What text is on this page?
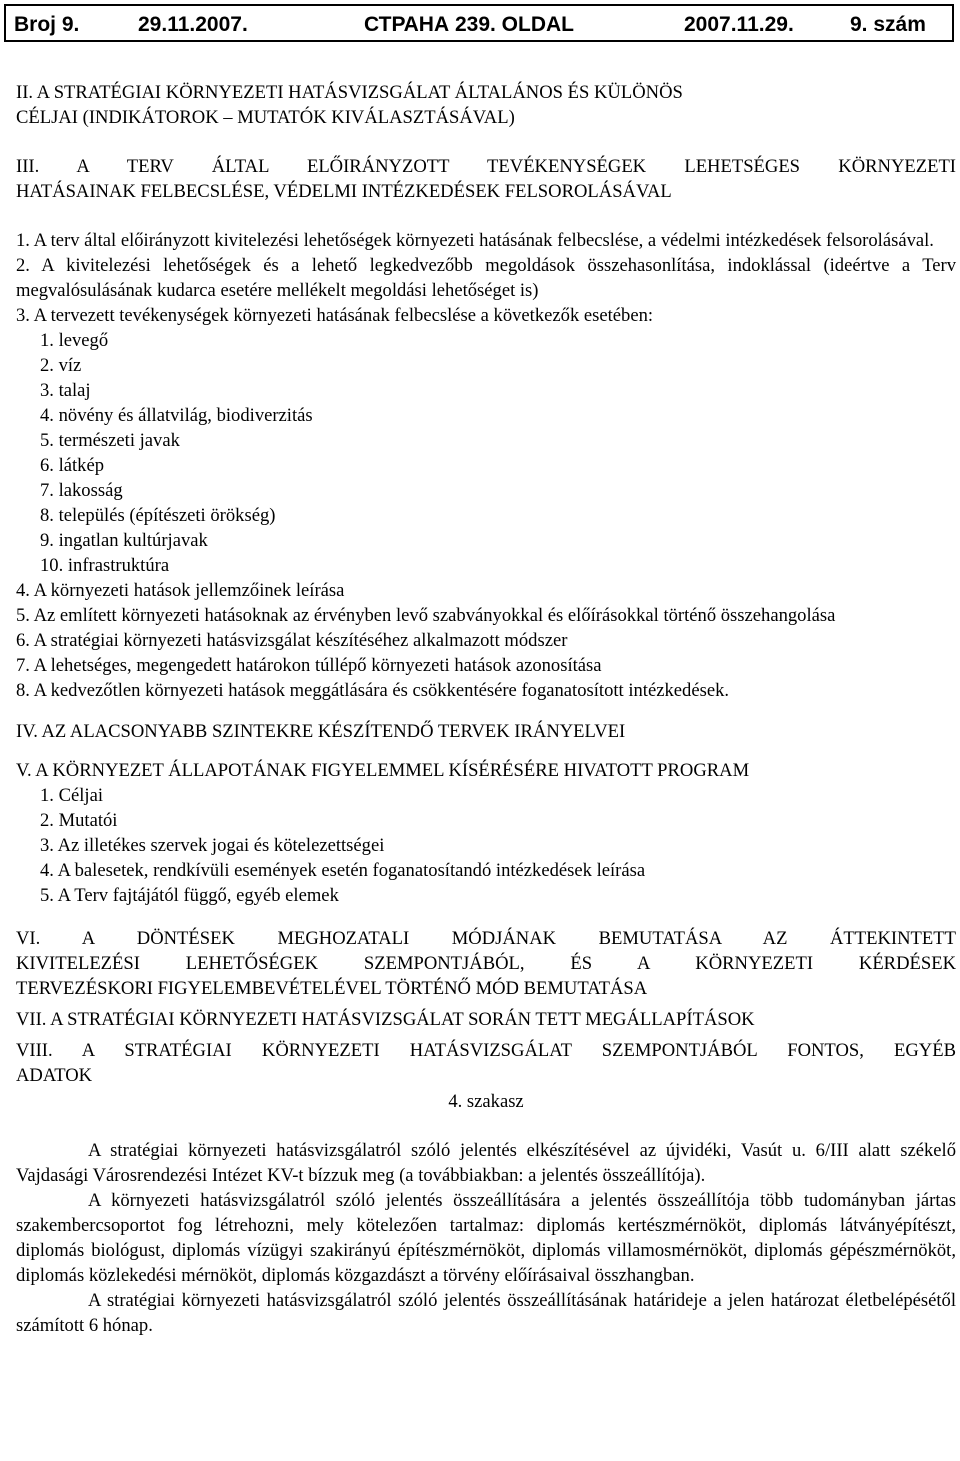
Broj 9.	29.11.2007.	СТРАНА 239. OLDAL	2007.11.29.	9. szám

II. A STRATÉGIAI KÖRNYEZETI HATÁSVIZSGÁLAT ÁLTALÁNOS ÉS KÜLÖNÖS

CÉLJAI (INDIKÁTOROK – MUTATÓK KIVÁLASZTÁSÁVAL)

III. A TERV ÁLTAL ELŐIRÁNYZOTT TEVÉKENYSÉGEK LEHETSÉGES KÖRNYEZETI

HATÁSAINAK FELBECSLÉSE, VÉDELMI INTÉZKEDÉSEK FELSOROLÁSÁVAL

1. A terv által előirányzott kivitelezési lehetőségek környezeti hatásának felbecslése, a védelmi intézkedések felsorolásával.

2. A kivitelezési lehetőségek és a lehető legkedvezőbb megoldások összehasonlítása, indoklással (ideértve a Terv megvalósulásának kudarca esetére mellékelt megoldási lehetőséget is)

3. A tervezett tevékenységek környezeti hatásának felbecslése a következők esetében:

1. levegő

2. víz

3. talaj

4. növény és állatvilág, biodiverzitás

5. természeti javak

6. látkép

7. lakosság

8. település (építészeti örökség)

9. ingatlan kultúrjavak

10. infrastruktúra

4. A környezeti hatások jellemzőinek leírása

5. Az említett környezeti hatásoknak az érvényben levő szabványokkal és előírásokkal történő összehangolása

6. A stratégiai környezeti hatásvizsgálat készítéséhez alkalmazott módszer

7. A lehetséges, megengedett határokon túllépő környezeti hatások azonosítása

8. A kedvezőtlen környezeti hatások meggátlására és csökkentésére foganatosított intézkedések.

IV. AZ ALACSONYABB SZINTEKRE KÉSZÍTENDŐ TERVEK IRÁNYELVEI

V. A KÖRNYEZET ÁLLAPOTÁNAK FIGYELEMMEL KÍSÉRÉSÉRE HIVATOTT PROGRAM

1. Céljai

2. Mutatói

3. Az illetékes szervek jogai és kötelezettségei

4. A balesetek, rendkívüli események esetén foganatosítandó intézkedések leírása

5. A Terv fajtájától függő, egyéb elemek

VI. A DÖNTÉSEK MEGHOZATALI MÓDJÁNAK BEMUTATÁSA AZ ÁTTEKINTETT

KIVITELEZÉSI LEHETŐSÉGEK SZEMPONTJÁBÓL, ÉS A KÖRNYEZETI KÉRDÉSEK

TERVEZÉSKORI FIGYELEMBEVÉTELÉVEL TÖRTÉNŐ MÓD BEMUTATÁSA

VII. A STRATÉGIAI KÖRNYEZETI HATÁSVIZSGÁLAT SORÁN TETT MEGÁLLAPÍTÁSOK

VIII. A STRATÉGIAI KÖRNYEZETI HATÁSVIZSGÁLAT SZEMPONTJÁBÓL FONTOS, EGYÉB

ADATOK

4. szakasz

A stratégiai környezeti hatásvizsgálatról szóló jelentés elkészítésével az újvidéki, Vasút u. 6/III alatt székelő Vajdasági Városrendezési Intézet KV-t bízzuk meg (a továbbiakban: a jelentés összeállítója).

A környezeti hatásvizsgálatról szóló jelentés összeállítására a jelentés összeállítója több tudományban jártas szakembercsoportot fog létrehozni, mely kötelezően tartalmaz: diplomás kertészmérnököt, diplomás látványépítészt, diplomás biológust, diplomás vízügyi szakirányú építészmérnököt, diplomás villamosmérnököt, diplomás gépészmérnököt, diplomás közlekedési mérnököt, diplomás közgazdászt a törvény előírásaival összhangban.

A stratégiai környezeti hatásvizsgálatról szóló jelentés összeállításának határideje a jelen határozat életbelépésétől számított 6 hónap.
